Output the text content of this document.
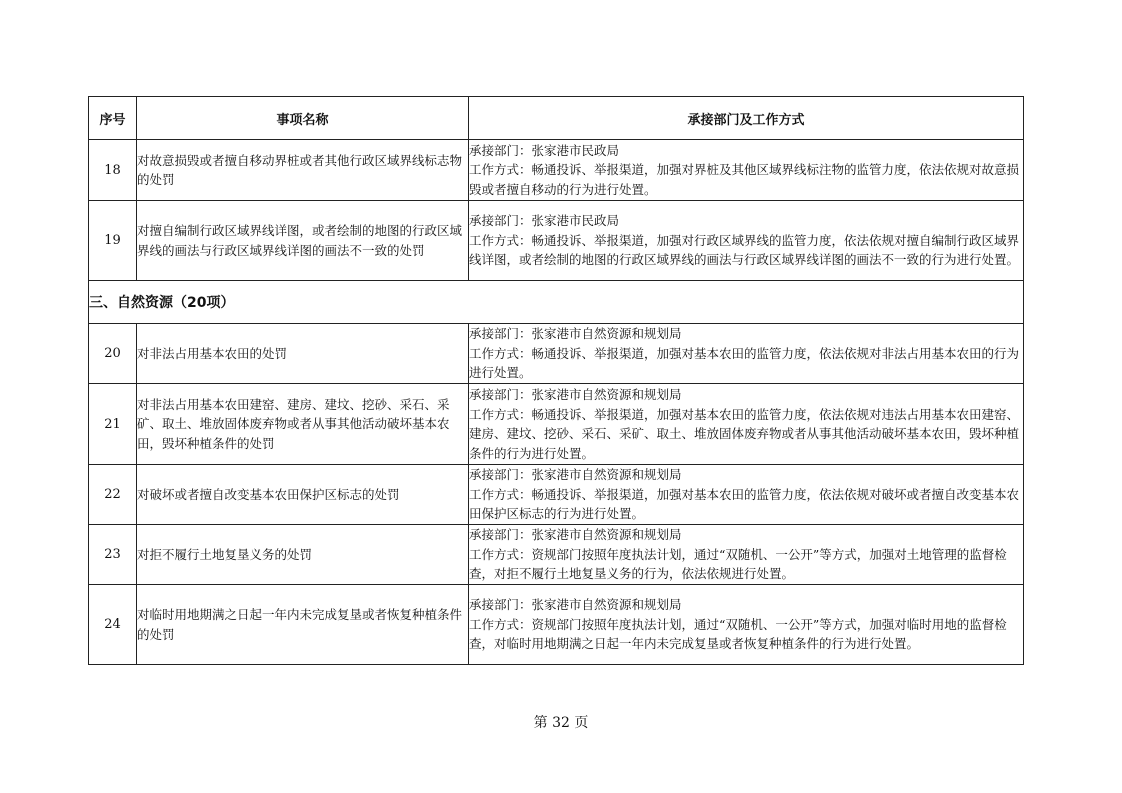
序号	事项名称	承接部门及工作方式
18	对故意损毁或者擅自移动界桩或者其他行政区域界线标志物的处罚	承接部门：张家港市民政局
工作方式：畅通投诉、举报渠道，加强对界桩及其他区域界线标注物的监管力度，依法依规对故意损毁或者擅自移动的行为进行处置。

19	对擅自编制行政区域界线详图，或者绘制的地图的行政区域界线的画法与行政区域界线详图的画法不一致的处罚	承接部门：张家港市民政局
工作方式：畅通投诉、举报渠道，加强对行政区域界线的监管力度，依法依规对擅自编制行政区域界线详图，或者绘制的地图的行政区域界线的画法与行政区域界线详图的画法不一致的行为进行处置。

三、自然资源（20项）		
20	对非法占用基本农田的处罚	承接部门：张家港市自然资源和规划局
工作方式：畅通投诉、举报渠道，加强对基本农田的监管力度，依法依规对非法占用基本农田的行为进行处置。

21	对非法占用基本农田建窑、建房、建坟、挖砂、采石、采矿、取土、堆放固体废弃物或者从事其他活动破坏基本农田，毁坏种植条件的处罚	承接部门：张家港市自然资源和规划局
工作方式：畅通投诉、举报渠道，加强对基本农田的监管力度，依法依规对违法占用基本农田建窑、建房、建坟、挖砂、采石、采矿、取土、堆放固体废弃物或者从事其他活动破坏基本农田，毁坏种植条件的行为进行处置。

22	对破坏或者擅自改变基本农田保护区标志的处罚	承接部门：张家港市自然资源和规划局
工作方式：畅通投诉、举报渠道，加强对基本农田的监管力度，依法依规对破坏或者擅自改变基本农田保护区标志的行为进行处置。

23	对拒不履行土地复垦义务的处罚	承接部门：张家港市自然资源和规划局
工作方式：资规部门按照年度执法计划，通过“双随机、一公开”等方式，加强对土地管理的监督检查，对拒不履行土地复垦义务的行为，依法依规进行处置。

24	对临时用地期满之日起一年内未完成复垦或者恢复种植条件的处罚	承接部门：张家港市自然资源和规划局
工作方式：资规部门按照年度执法计划，通过“双随机、一公开”等方式，加强对临时用地的监督检查，对临时用地期满之日起一年内未完成复垦或者恢复种植条件的行为进行处置。
第 32 页
